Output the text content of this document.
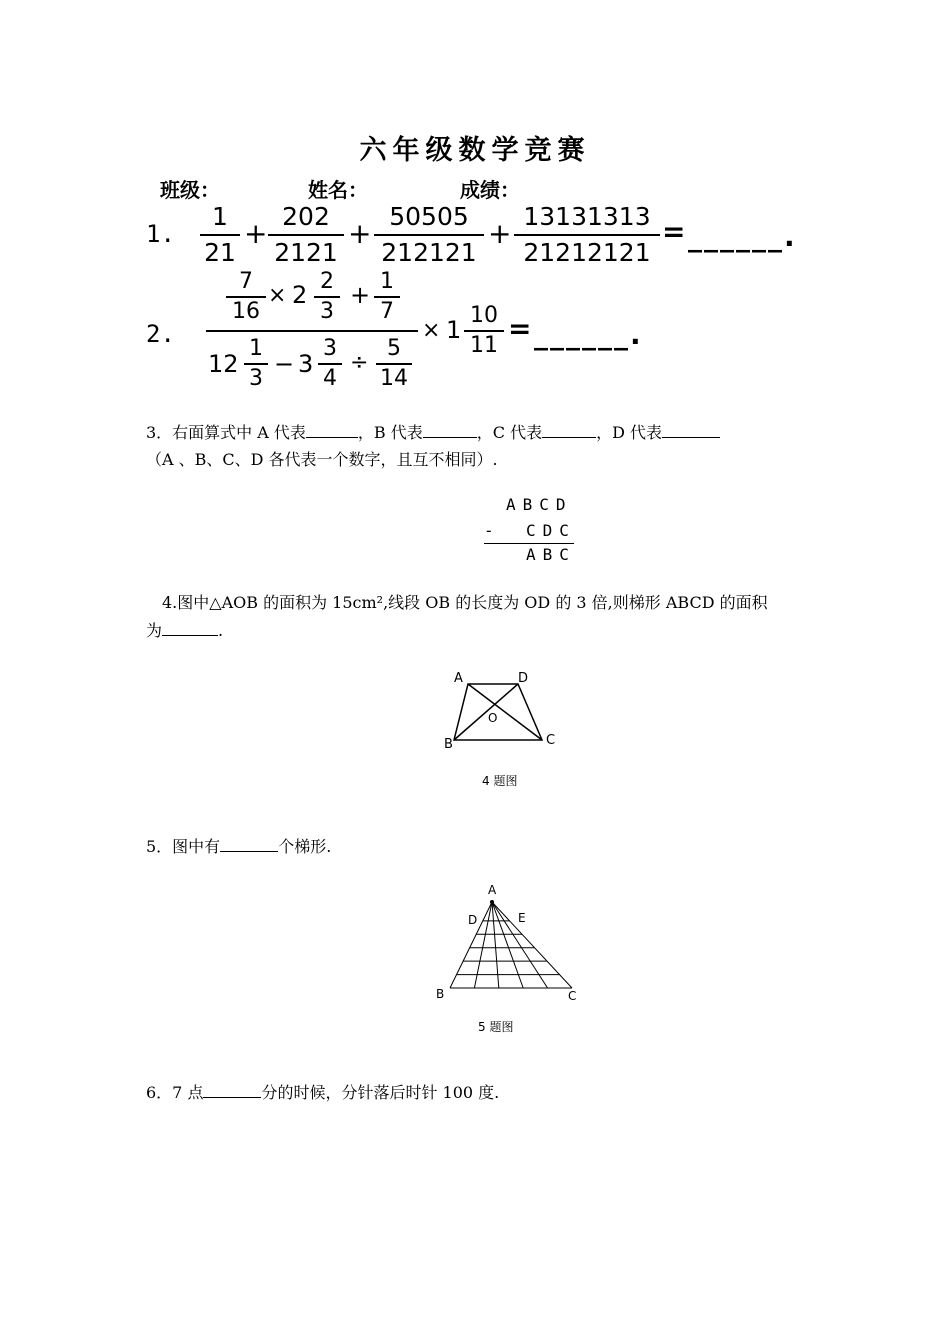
六年级数学竞赛
班级：	姓名：	成绩：
1.
1
21
+
202
2121
+
50505
212121
+
13131313
21212121
= ______.
2.
7
16
× 2 2
3
+ 1
7
12
1
3
− 3
3
4
÷
5
14
× 1
10
11
= ______.
3．右面算式中 A 代表	，B 代表	，C 代表	，D 代表
（A 、B、C、D 各代表一个数字，且互不相同）.
ABCD
- CDC
ABC
4.图中△AOB 的面积为 15cm²,线段 OB 的长度为 OD 的 3 倍,则梯形 ABCD 的面积
为	.
A	D
O
B	C
4 题图
5．图中有	个梯形.
A
D	E
B	C
5 题图
6．7 点	分的时候，分针落后时针 100 度.
